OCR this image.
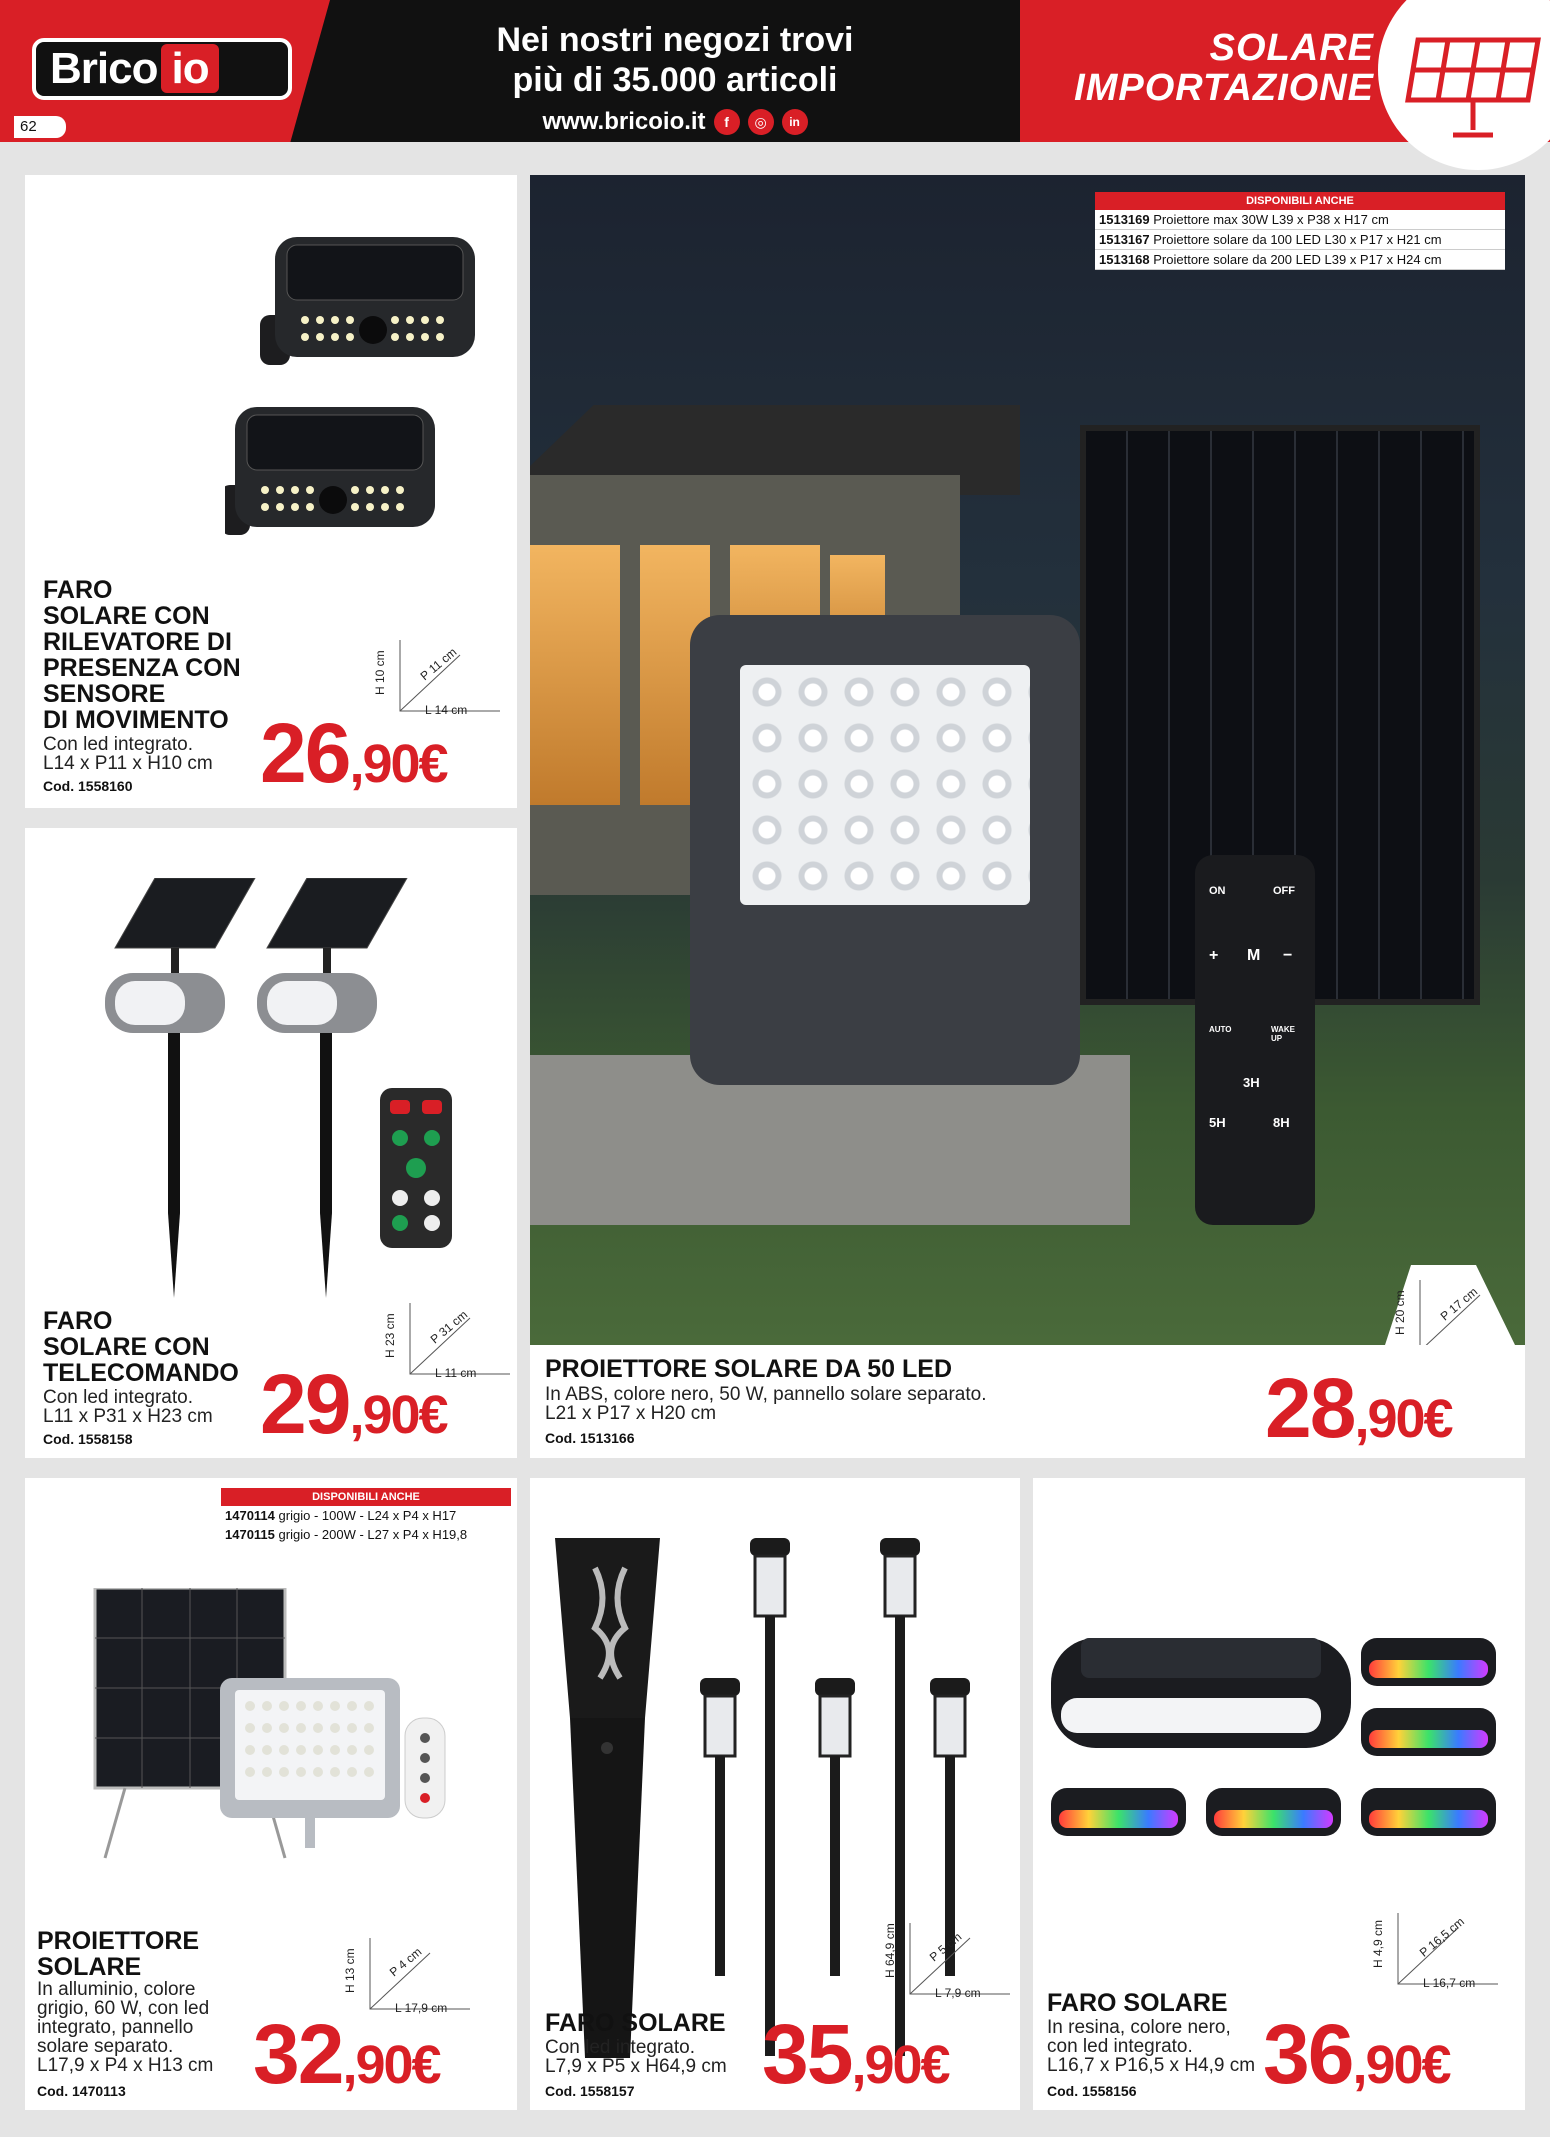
Brico io
62
Nei nostri negozi trovi
più di 35.000 articoli
www.bricoio.it	f	◎	in
SOLARE
IMPORTAZIONE
FARO
SOLARE CON
RILEVATORE DI
PRESENZA CON
SENSORE
DI MOVIMENTO
Con led integrato.
L14 x P11 x H10 cm
Cod. 1558160
H 10 cm	P 11 cm
L 14 cm
26,90€
FARO
SOLARE CON
TELECOMANDO
Con led integrato.
L11 x P31 x H23 cm
Cod. 1558158
H 23 cm	P 31 cm
L 11 cm
29,90€
ON	OFF
+ M −
AUTO	WAKE UP
3H
5H	8H
DISPONIBILI ANCHE
1513169 Proiettore max 30W L39 x P38 x H17 cm
1513167 Proiettore solare da 100 LED L30 x P17 x H21 cm
1513168 Proiettore solare da 200 LED L39 x P17 x H24 cm
H 20 cm	P 17 cm
PROIETTORE SOLARE DA 50 LED
In ABS, colore nero, 50 W, pannello solare separato.
L21 x P17 x H20 cm
Cod. 1513166	28,90€
DISPONIBILI ANCHE
1470114 grigio - 100W - L24 x P4 x H17
1470115 grigio - 200W - L27 x P4 x H19,8
PROIETTORE
SOLARE
In alluminio, colore
grigio, 60 W, con led
integrato, pannello
solare separato.
L17,9 x P4 x H13 cm
Cod. 1470113
H 13 cm P 4 cm
L 17,9 cm
32,90€
FARO SOLARE
Con led integrato.
L7,9 x P5 x H64,9 cm
Cod. 1558157
H 64,9 cm P 5 cm
L 7,9 cm
35,90€
FARO SOLARE
In resina, colore nero,
con led integrato.
L16,7 x P16,5 x H4,9 cm
Cod. 1558156
H 4,9 cm	P 16,5 cm
L 16,7 cm
36,90€
